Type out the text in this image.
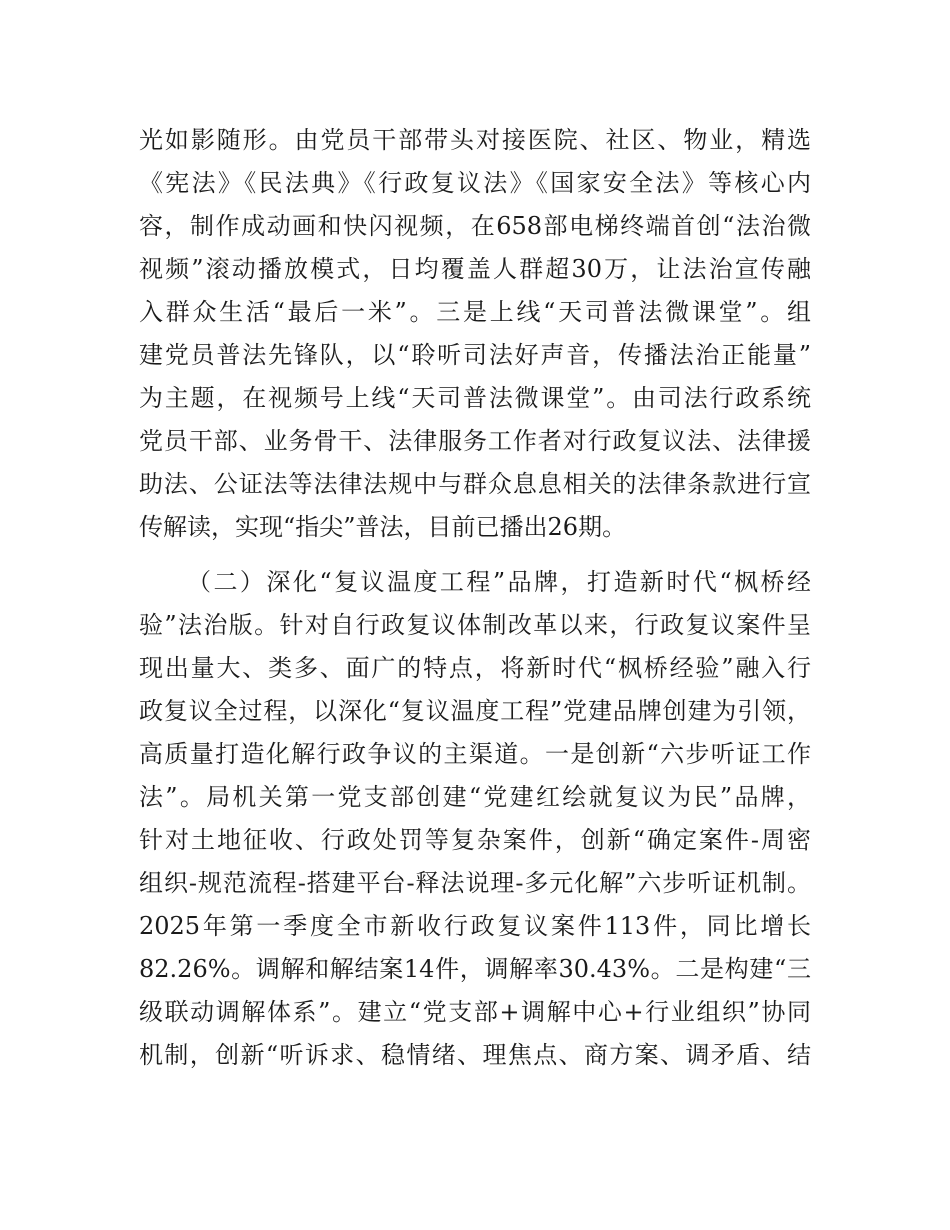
光如影随形。由党员干部带头对接医院、社区、物业，精选
《宪法》《民法典》《行政复议法》《国家安全法》等核心内
容，制作成动画和快闪视频，在658部电梯终端首创“法治微
视频”滚动播放模式，日均覆盖人群超30万，让法治宣传融
入群众生活“最后一米”。三是上线“天司普法微课堂”。组
建党员普法先锋队，以“聆听司法好声音，传播法治正能量”
为主题，在视频号上线“天司普法微课堂”。由司法行政系统
党员干部、业务骨干、法律服务工作者对行政复议法、法律援
助法、公证法等法律法规中与群众息息相关的法律条款进行宣
传解读，实现“指尖”普法，目前已播出26期。
（二）深化“复议温度工程”品牌，打造新时代“枫桥经
验”法治版。针对自行政复议体制改革以来，行政复议案件呈
现出量大、类多、面广的特点，将新时代“枫桥经验”融入行
政复议全过程，以深化“复议温度工程”党建品牌创建为引领，
高质量打造化解行政争议的主渠道。一是创新“六步听证工作
法”。局机关第一党支部创建“党建红绘就复议为民”品牌，
针对土地征收、行政处罚等复杂案件，创新“确定案件-周密
组织-规范流程-搭建平台-释法说理-多元化解”六步听证机制。
2025年第一季度全市新收行政复议案件113件，同比增长
82.26%。调解和解结案14件，调解率30.43%。二是构建“三
级联动调解体系”。建立“党支部+调解中心+行业组织”协同
机制，创新“听诉求、稳情绪、理焦点、商方案、调矛盾、结
